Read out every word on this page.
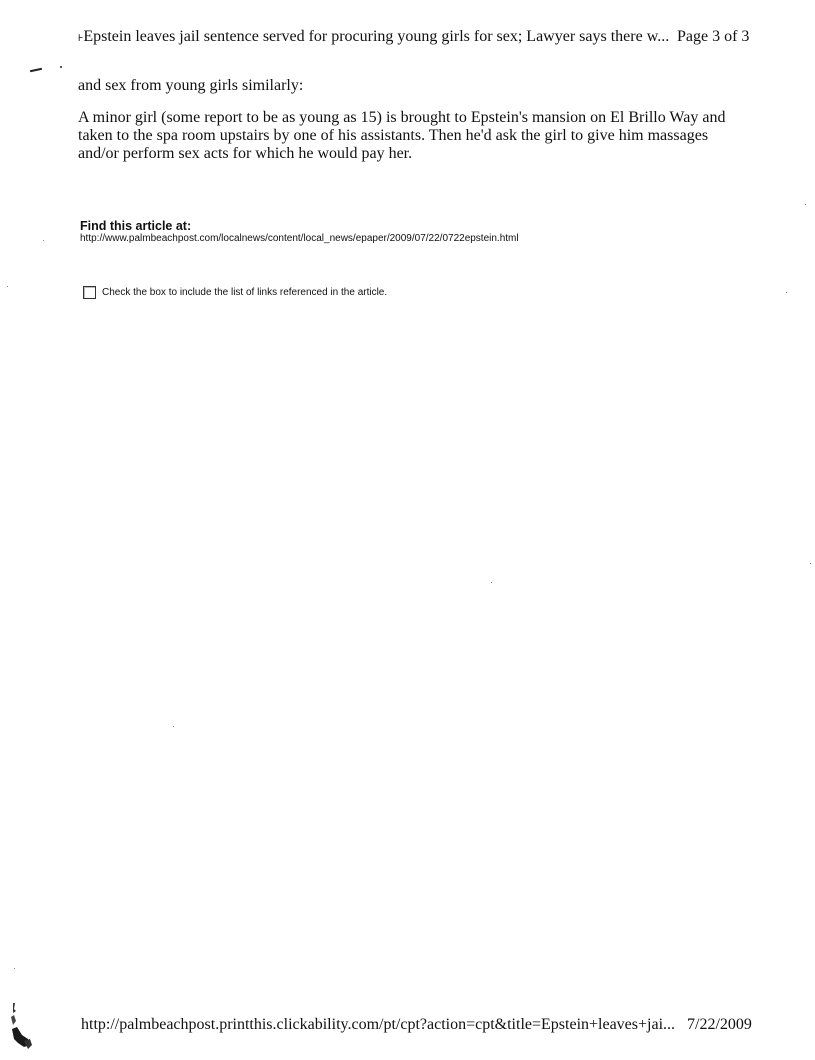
˫Epstein leaves jail sentence served for procuring young girls for sex; Lawyer says there w... Page 3 of 3

and sex from young girls similarly:

A minor girl (some report to be as young as 15) is brought to Epstein's mansion on El Brillo Way and taken to the spa room upstairs by one of his assistants. Then he'd ask the girl to give him massages and/or perform sex acts for which he would pay her.

Find this article at:
http://www.palmbeachpost.com/localnews/content/local_news/epaper/2009/07/22/0722epstein.html
Check the box to include the list of links referenced in the article.
http://palmbeachpost.printthis.clickability.com/pt/cpt?action=cpt&title=Epstein+leaves+jai... 7/22/2009
